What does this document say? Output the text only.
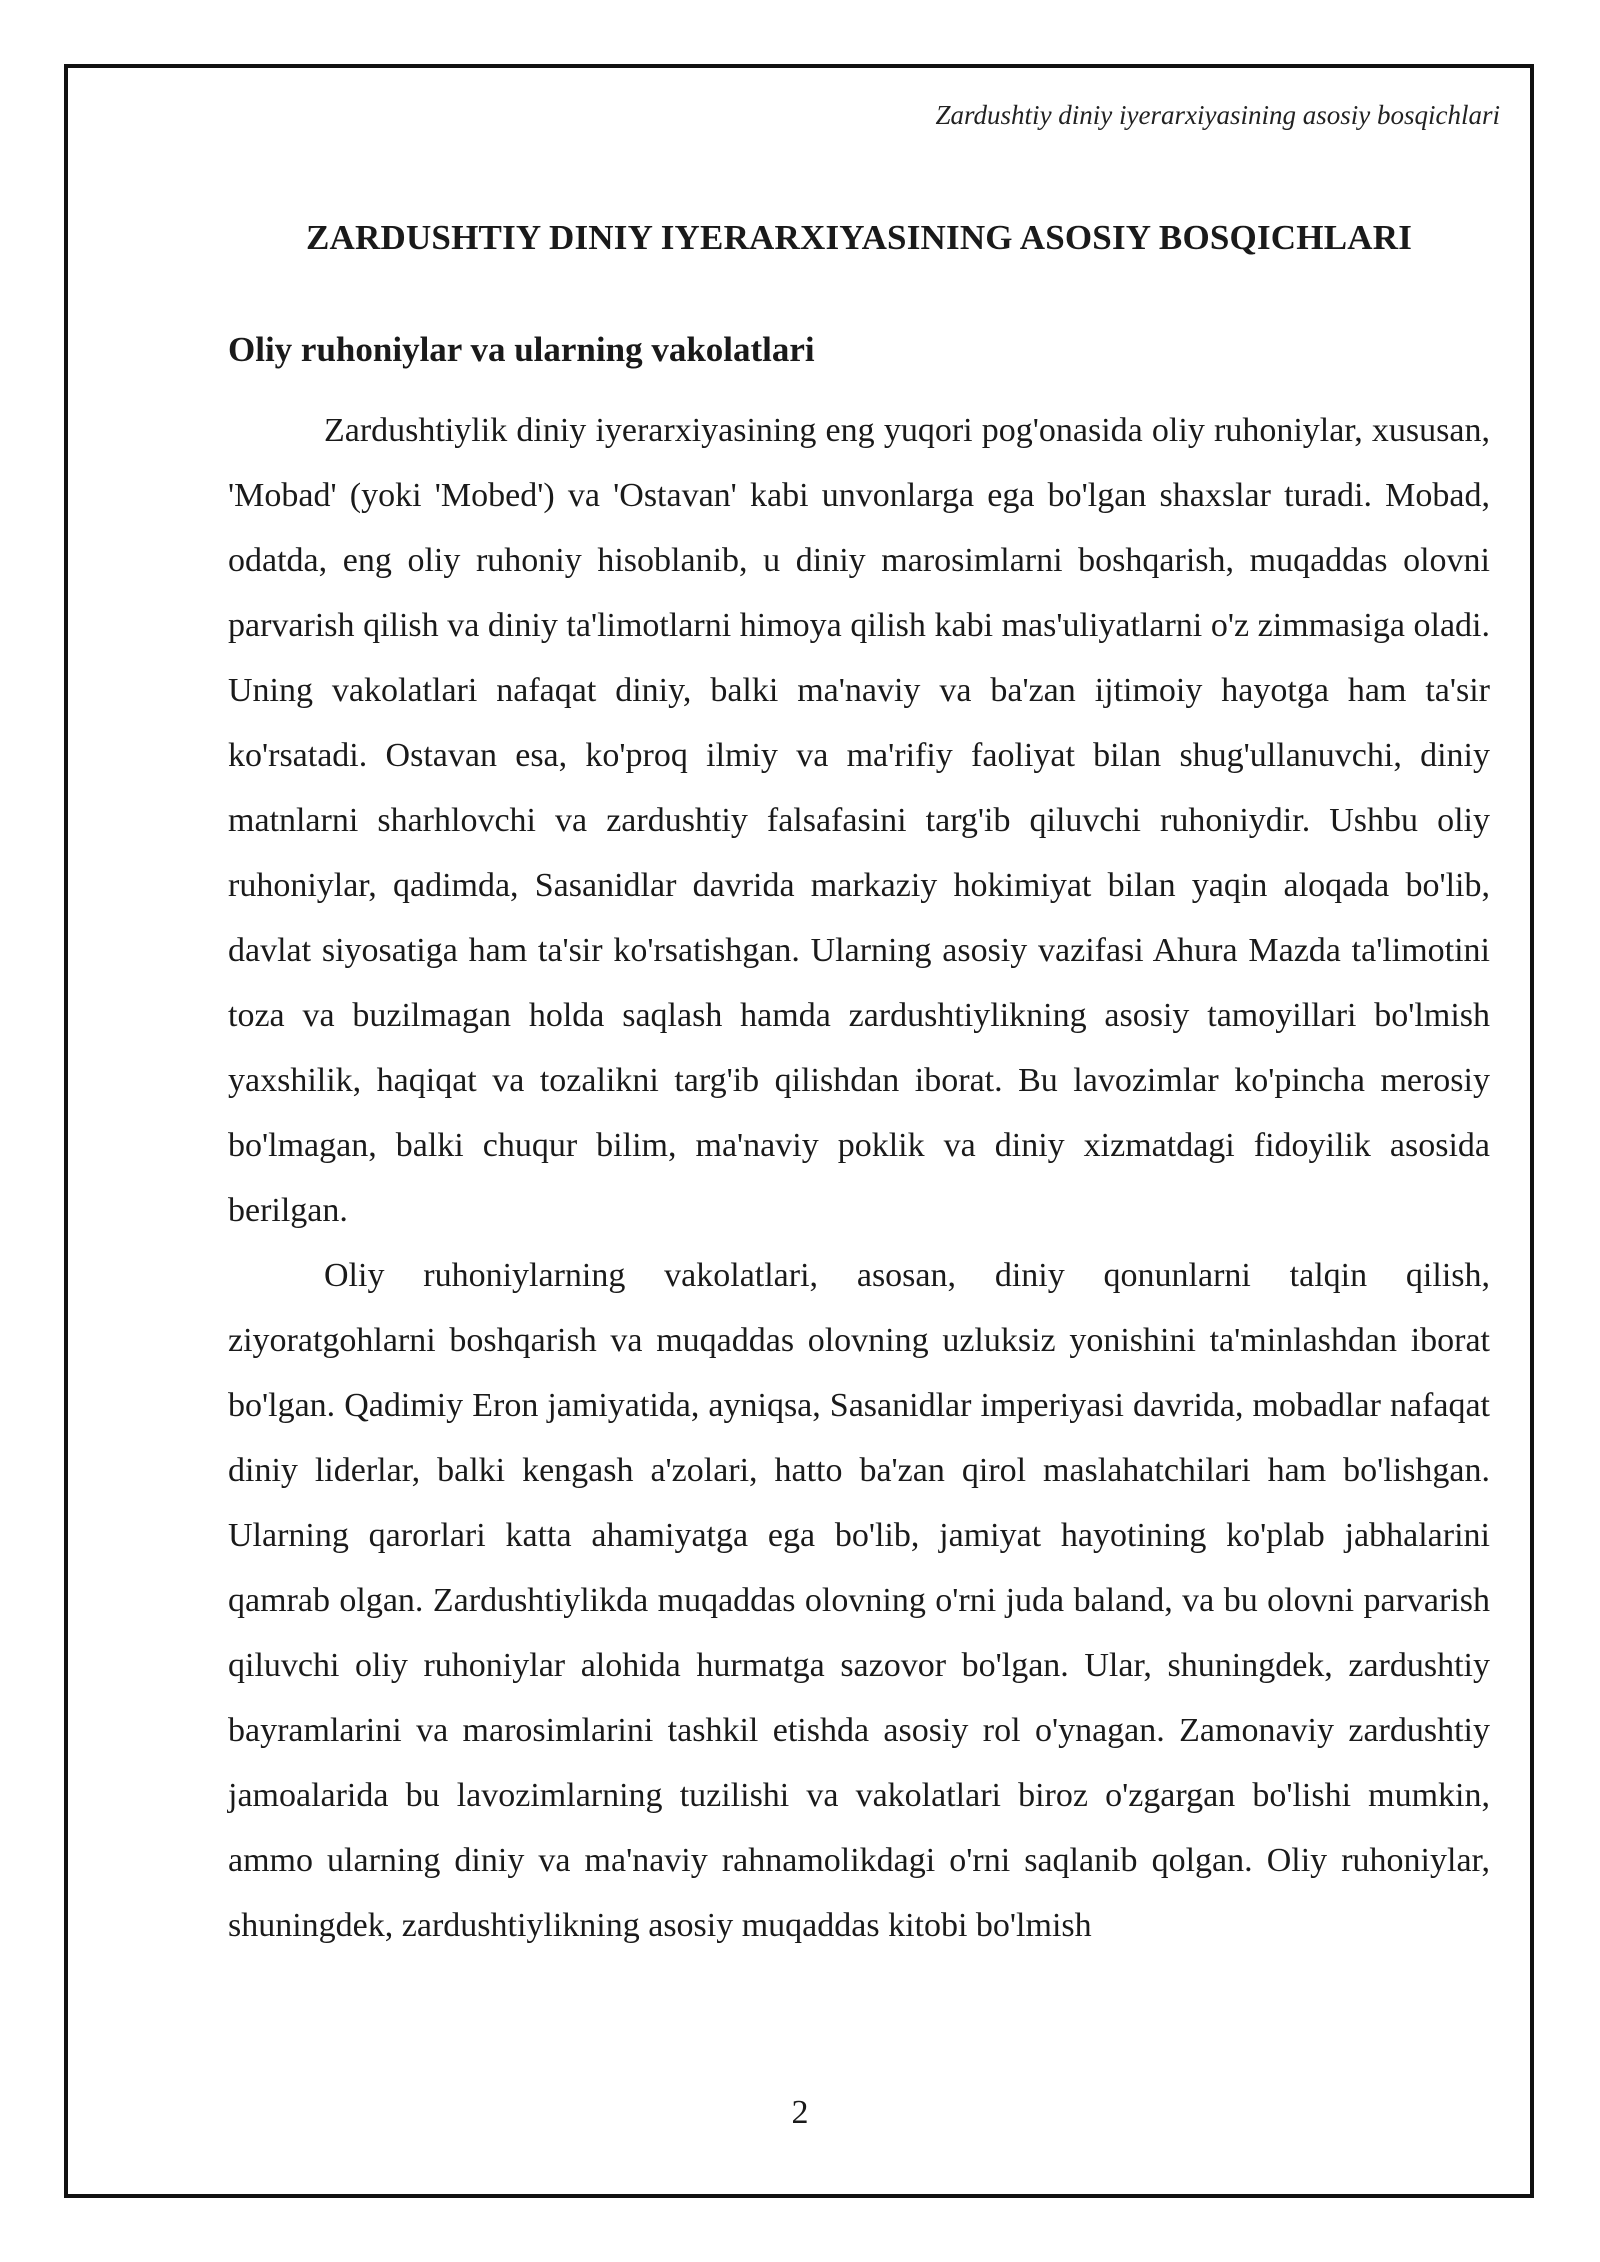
Zardushtiy diniy iyerarxiyasining asosiy bosqichlari
ZARDUSHTIY DINIY IYERARXIYASINING ASOSIY BOSQICHLARI
Oliy ruhoniylar va ularning vakolatlari

Zardushtiylik diniy iyerarxiyasining eng yuqori pog'onasida oliy ruhoniylar, xususan, 'Mobad' (yoki 'Mobed') va 'Ostavan' kabi unvonlarga ega bo'lgan shaxslar turadi. Mobad, odatda, eng oliy ruhoniy hisoblanib, u diniy marosimlarni boshqarish, muqaddas olovni parvarish qilish va diniy ta'limotlarni himoya qilish kabi mas'uliyatlarni o'z zimmasiga oladi. Uning vakolatlari nafaqat diniy, balki ma'naviy va ba'zan ijtimoiy hayotga ham ta'sir ko'rsatadi. Ostavan esa, ko'proq ilmiy va ma'rifiy faoliyat bilan shug'ullanuvchi, diniy matnlarni sharhlovchi va zardushtiy falsafasini targ'ib qiluvchi ruhoniydir. Ushbu oliy ruhoniylar, qadimda, Sasanidlar davrida markaziy hokimiyat bilan yaqin aloqada bo'lib, davlat siyosatiga ham ta'sir ko'rsatishgan. Ularning asosiy vazifasi Ahura Mazda ta'limotini toza va buzilmagan holda saqlash hamda zardushtiylikning asosiy tamoyillari bo'lmish yaxshilik, haqiqat va tozalikni targ'ib qilishdan iborat. Bu lavozimlar ko'pincha merosiy bo'lmagan, balki chuqur bilim, ma'naviy poklik va diniy xizmatdagi fidoyilik asosida berilgan.

Oliy ruhoniylarning vakolatlari, asosan, diniy qonunlarni talqin qilish, ziyoratgohlarni boshqarish va muqaddas olovning uzluksiz yonishini ta'minlashdan iborat bo'lgan. Qadimiy Eron jamiyatida, ayniqsa, Sasanidlar imperiyasi davrida, mobadlar nafaqat diniy liderlar, balki kengash a'zolari, hatto ba'zan qirol maslahatchilari ham bo'lishgan. Ularning qarorlari katta ahamiyatga ega bo'lib, jamiyat hayotining ko'plab jabhalarini qamrab olgan. Zardushtiylikda muqaddas olovning o'rni juda baland, va bu olovni parvarish qiluvchi oliy ruhoniylar alohida hurmatga sazovor bo'lgan. Ular, shuningdek, zardushtiy bayramlarini va marosimlarini tashkil etishda asosiy rol o'ynagan. Zamonaviy zardushtiy jamoalarida bu lavozimlarning tuzilishi va vakolatlari biroz o'zgargan bo'lishi mumkin, ammo ularning diniy va ma'naviy rahnamolikdagi o'rni saqlanib qolgan. Oliy ruhoniylar, shuningdek, zardushtiylikning asosiy muqaddas kitobi bo'lmish

2
